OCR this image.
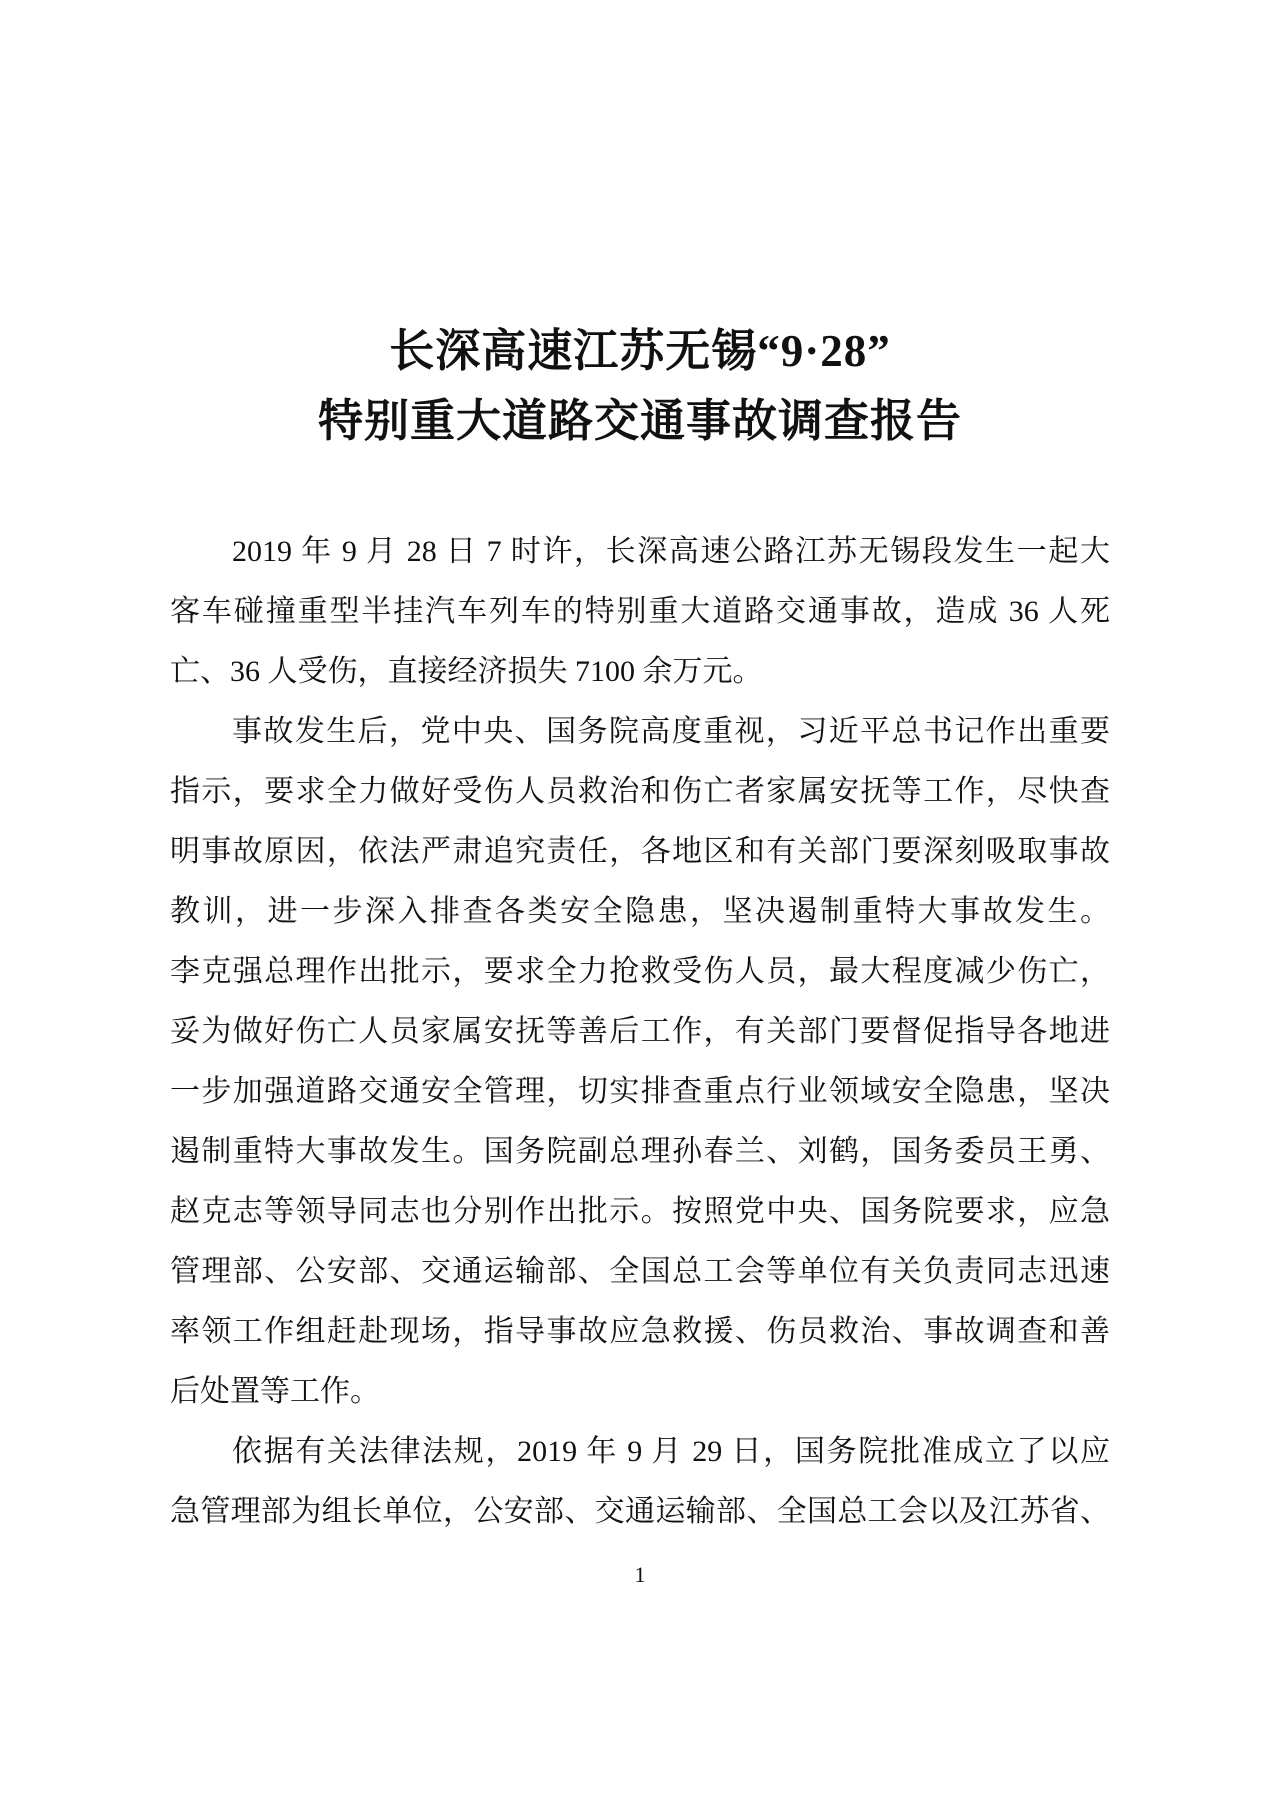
长深高速江苏无锡“9·28”
特别重大道路交通事故调查报告
2019 年 9 月 28 日 7 时许，长深高速公路江苏无锡段发生一起大
客车碰撞重型半挂汽车列车的特别重大道路交通事故，造成 36 人死
亡、36 人受伤，直接经济损失 7100 余万元。
事故发生后，党中央、国务院高度重视，习近平总书记作出重要
指示，要求全力做好受伤人员救治和伤亡者家属安抚等工作，尽快查
明事故原因，依法严肃追究责任，各地区和有关部门要深刻吸取事故
教训，进一步深入排查各类安全隐患，坚决遏制重特大事故发生。
李克强总理作出批示，要求全力抢救受伤人员，最大程度减少伤亡，
妥为做好伤亡人员家属安抚等善后工作，有关部门要督促指导各地进
一步加强道路交通安全管理，切实排查重点行业领域安全隐患，坚决
遏制重特大事故发生。国务院副总理孙春兰、刘鹤，国务委员王勇、
赵克志等领导同志也分别作出批示。按照党中央、国务院要求，应急
管理部、公安部、交通运输部、全国总工会等单位有关负责同志迅速
率领工作组赶赴现场，指导事故应急救援、伤员救治、事故调查和善
后处置等工作。
依据有关法律法规，2019 年 9 月 29 日，国务院批准成立了以应
急管理部为组长单位，公安部、交通运输部、全国总工会以及江苏省、
1
